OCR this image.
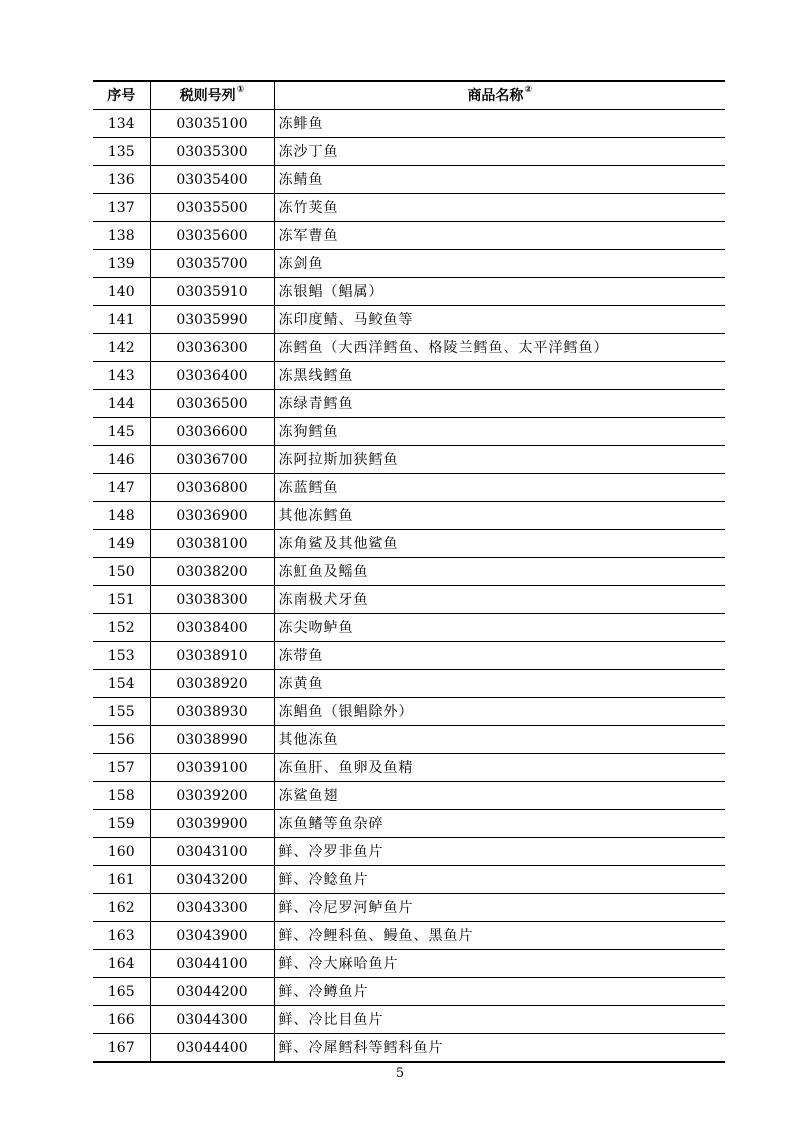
序号	税则号列①	商品名称②
134	03035100	冻鲱鱼
135	03035300	冻沙丁鱼
136	03035400	冻鲭鱼
137	03035500	冻竹荚鱼
138	03035600	冻军曹鱼
139	03035700	冻剑鱼
140	03035910	冻银鲳（鲳属）
141	03035990	冻印度鲭、马鲛鱼等
142	03036300	冻鳕鱼（大西洋鳕鱼、格陵兰鳕鱼、太平洋鳕鱼）
143	03036400	冻黑线鳕鱼
144	03036500	冻绿青鳕鱼
145	03036600	冻狗鳕鱼
146	03036700	冻阿拉斯加狭鳕鱼
147	03036800	冻蓝鳕鱼
148	03036900	其他冻鳕鱼
149	03038100	冻角鲨及其他鲨鱼
150	03038200	冻魟鱼及鳐鱼
151	03038300	冻南极犬牙鱼
152	03038400	冻尖吻鲈鱼
153	03038910	冻带鱼
154	03038920	冻黄鱼
155	03038930	冻鲳鱼（银鲳除外）
156	03038990	其他冻鱼
157	03039100	冻鱼肝、鱼卵及鱼精
158	03039200	冻鲨鱼翅
159	03039900	冻鱼鳍等鱼杂碎
160	03043100	鲜、冷罗非鱼片
161	03043200	鲜、冷鲶鱼片
162	03043300	鲜、冷尼罗河鲈鱼片
163	03043900	鲜、冷鲤科鱼、鳗鱼、黑鱼片
164	03044100	鲜、冷大麻哈鱼片
165	03044200	鲜、冷鳟鱼片
166	03044300	鲜、冷比目鱼片
167	03044400	鲜、冷犀鳕科等鳕科鱼片
5
